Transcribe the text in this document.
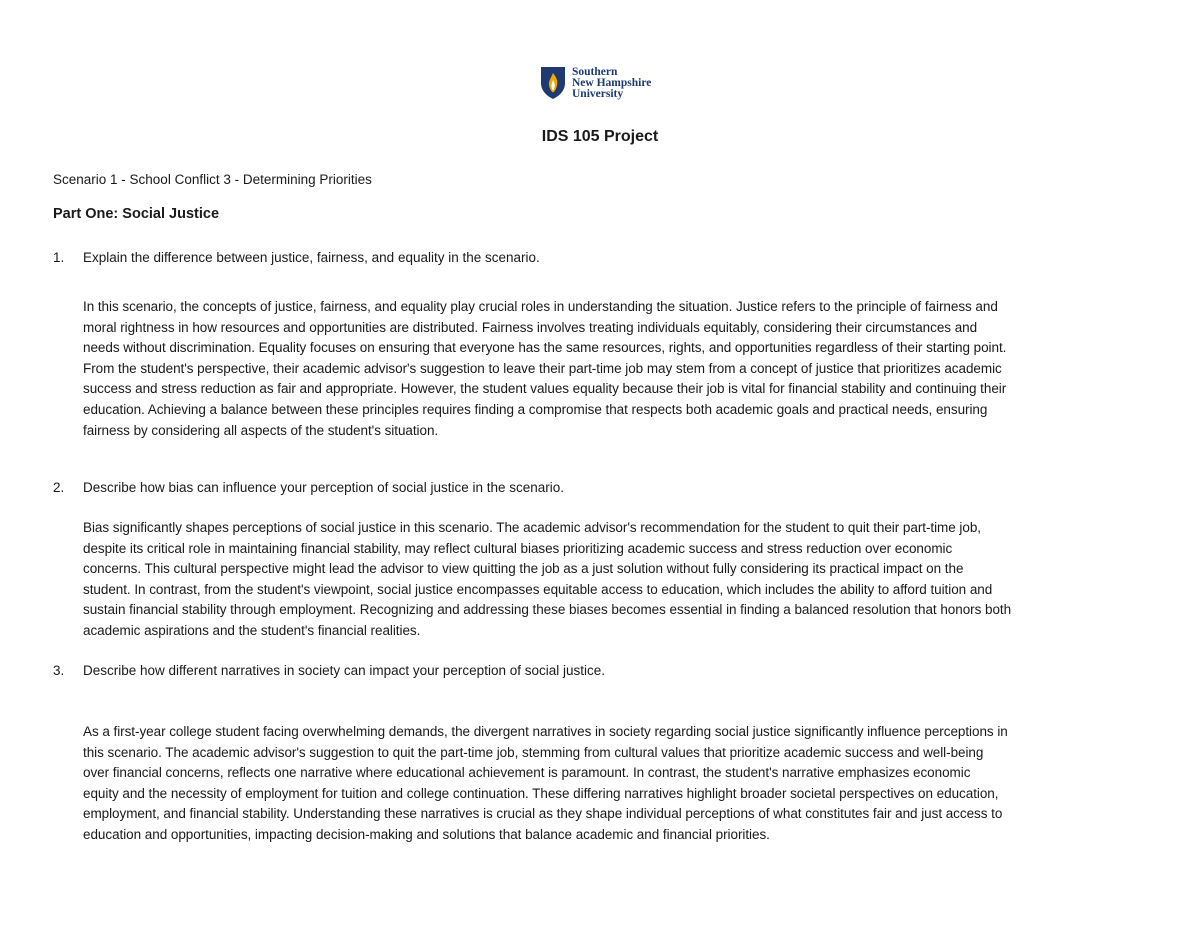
Southern
New Hampshire
University
IDS 105 Project
Scenario 1 - School Conflict 3 - Determining Priorities
Part One: Social Justice
1.	Explain the difference between justice, fairness, and equality in the scenario.
In this scenario, the concepts of justice, fairness, and equality play crucial roles in understanding the situation. Justice refers to the principle of fairness and
moral rightness in how resources and opportunities are distributed. Fairness involves treating individuals equitably, considering their circumstances and
needs without discrimination. Equality focuses on ensuring that everyone has the same resources, rights, and opportunities regardless of their starting point.
From the student's perspective, their academic advisor's suggestion to leave their part-time job may stem from a concept of justice that prioritizes academic
success and stress reduction as fair and appropriate. However, the student values equality because their job is vital for financial stability and continuing their
education. Achieving a balance between these principles requires finding a compromise that respects both academic goals and practical needs, ensuring
fairness by considering all aspects of the student's situation.
2.	Describe how bias can influence your perception of social justice in the scenario.
Bias significantly shapes perceptions of social justice in this scenario. The academic advisor's recommendation for the student to quit their part-time job,
despite its critical role in maintaining financial stability, may reflect cultural biases prioritizing academic success and stress reduction over economic
concerns. This cultural perspective might lead the advisor to view quitting the job as a just solution without fully considering its practical impact on the
student. In contrast, from the student's viewpoint, social justice encompasses equitable access to education, which includes the ability to afford tuition and
sustain financial stability through employment. Recognizing and addressing these biases becomes essential in finding a balanced resolution that honors both
academic aspirations and the student's financial realities.
3.	Describe how different narratives in society can impact your perception of social justice.
As a first-year college student facing overwhelming demands, the divergent narratives in society regarding social justice significantly influence perceptions in
this scenario. The academic advisor's suggestion to quit the part-time job, stemming from cultural values that prioritize academic success and well-being
over financial concerns, reflects one narrative where educational achievement is paramount. In contrast, the student's narrative emphasizes economic
equity and the necessity of employment for tuition and college continuation. These differing narratives highlight broader societal perspectives on education,
employment, and financial stability. Understanding these narratives is crucial as they shape individual perceptions of what constitutes fair and just access to
education and opportunities, impacting decision-making and solutions that balance academic and financial priorities.
